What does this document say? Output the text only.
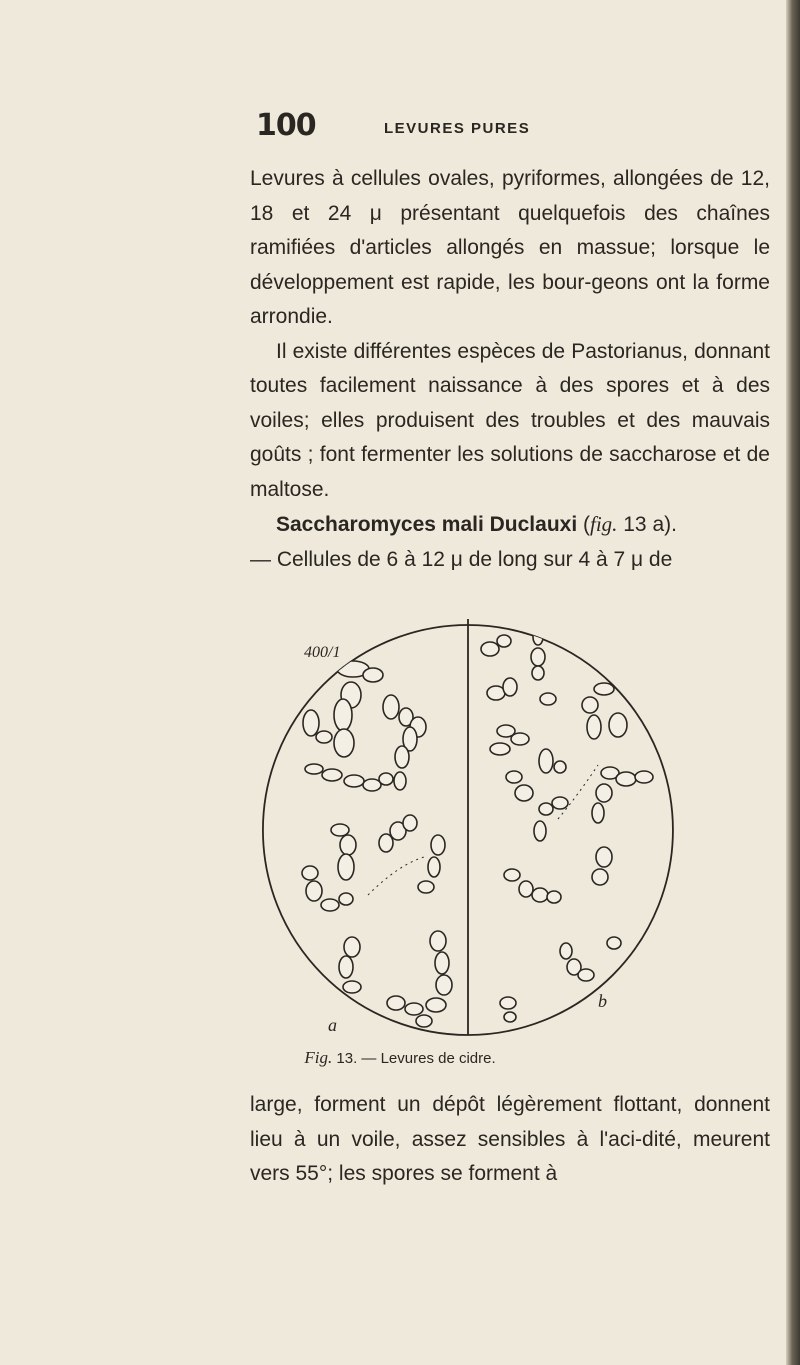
100	LEVURES PURES

Levures à cellules ovales, pyriformes, allongées de 12, 18 et 24 μ présentant quelquefois des chaînes ramifiées d'articles allongés en massue; lorsque le développement est rapide, les bour-geons ont la forme arrondie.

Il existe différentes espèces de Pastorianus, donnant toutes facilement naissance à des spores et à des voiles; elles produisent des troubles et des mauvais goûts ; font fermenter les solutions de saccharose et de maltose.

Saccharomyces mali Duclauxi (fig. 13 a).

— Cellules de 6 à 12 μ de long sur 4 à 7 μ de

400/1
a
b
Fig. 13. — Levures de cidre.

large, forment un dépôt légèrement flottant, donnent lieu à un voile, assez sensibles à l'aci-dité, meurent vers 55°; les spores se forment à
